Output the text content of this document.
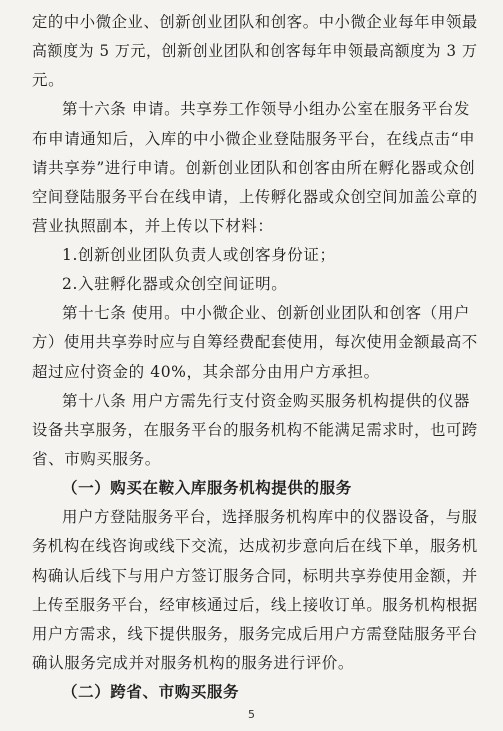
定的中小微企业、创新创业团队和创客。中小微企业每年申领最
高额度为 5 万元，创新创业团队和创客每年申领最高额度为 3 万
元。
第十六条 申请。共享券工作领导小组办公室在服务平台发
布申请通知后，入库的中小微企业登陆服务平台，在线点击“申
请共享券”进行申请。创新创业团队和创客由所在孵化器或众创
空间登陆服务平台在线申请，上传孵化器或众创空间加盖公章的
营业执照副本，并上传以下材料：
1.创新创业团队负责人或创客身份证；
2.入驻孵化器或众创空间证明。
第十七条 使用。中小微企业、创新创业团队和创客（用户
方）使用共享券时应与自筹经费配套使用，每次使用金额最高不
超过应付资金的 40%，其余部分由用户方承担。
第十八条 用户方需先行支付资金购买服务机构提供的仪器
设备共享服务，在服务平台的服务机构不能满足需求时，也可跨
省、市购买服务。
（一）购买在鞍入库服务机构提供的服务
用户方登陆服务平台，选择服务机构库中的仪器设备，与服
务机构在线咨询或线下交流，达成初步意向后在线下单，服务机
构确认后线下与用户方签订服务合同，标明共享券使用金额，并
上传至服务平台，经审核通过后，线上接收订单。服务机构根据
用户方需求，线下提供服务，服务完成后用户方需登陆服务平台
确认服务完成并对服务机构的服务进行评价。
（二）跨省、市购买服务
5
